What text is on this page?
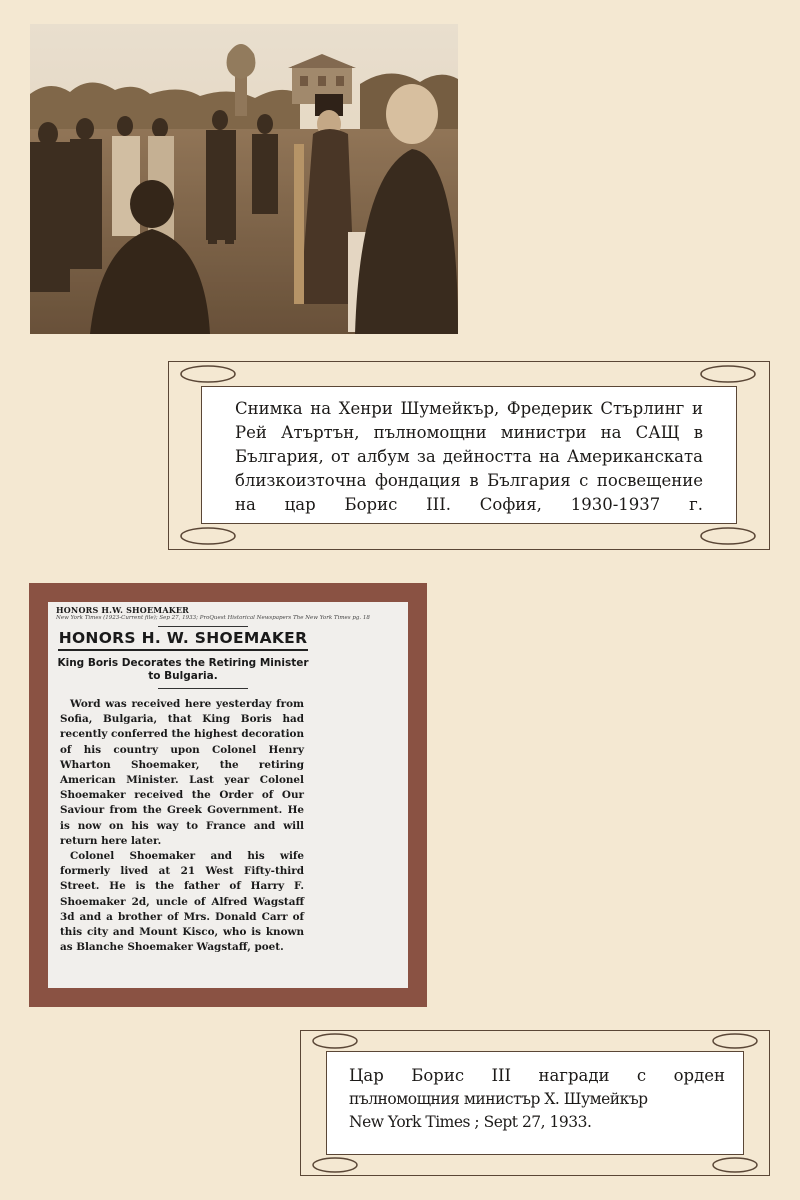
Снимка на Хенри Шумейкър, Фредерик Стърлинг и Рей Атъртън, пълномощни министри на САЩ в България, от албум за дейността на Американската близкоизточна фондация в България с посвещение на цар Борис III. София, 1930-1937 г.

HONORS H.W. SHOEMAKER
New York Times (1923-Current file); Sep 27, 1933; ProQuest Historical Newspapers The New York Times pg. 18
HONORS H. W. SHOEMAKER
King Boris Decorates the Retiring Minister to Bulgaria.

Word was received here yesterday from Sofia, Bulgaria, that King Boris had recently conferred the highest decoration of his country upon Colonel Henry Wharton Shoemaker, the retiring American Minister. Last year Colonel Shoemaker received the Order of Our Saviour from the Greek Government. He is now on his way to France and will return here later.

Colonel Shoemaker and his wife formerly lived at 21 West Fifty-third Street. He is the father of Harry F. Shoemaker 2d, uncle of Alfred Wagstaff 3d and a brother of Mrs. Donald Carr of this city and Mount Kisco, who is known as Blanche Shoemaker Wagstaff, poet.

Цар Борис III награди с орден

пълномощния министър Х. Шумейкър

New York Times ; Sept 27, 1933.
